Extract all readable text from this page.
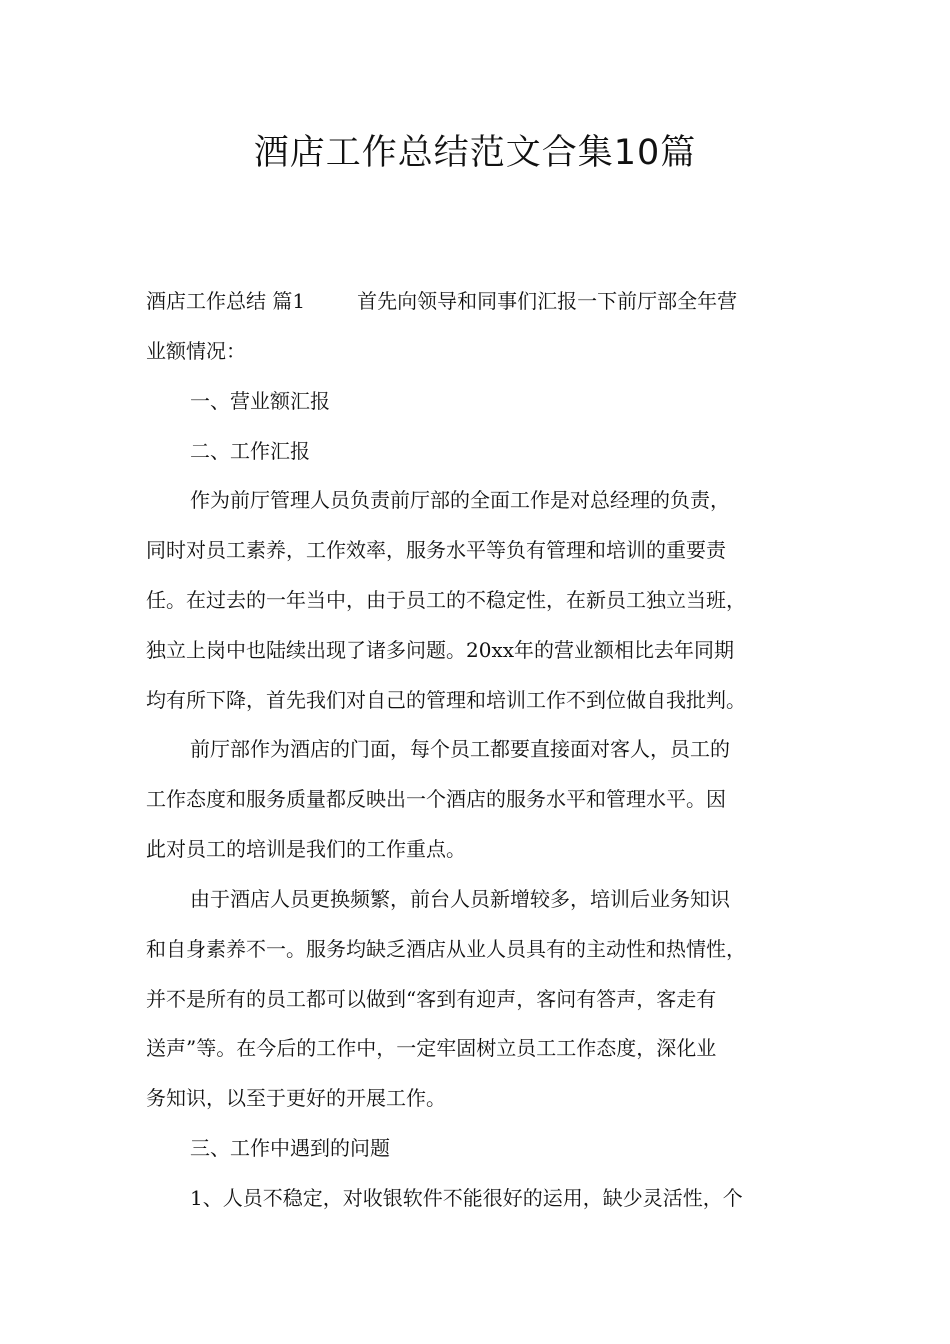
酒店工作总结范文合集10篇
酒店工作总结 篇1	首先向领导和同事们汇报一下前厅部全年营
业额情况：
一、营业额汇报
二、工作汇报
作为前厅管理人员负责前厅部的全面工作是对总经理的负责，
同时对员工素养，工作效率，服务水平等负有管理和培训的重要责
任。在过去的一年当中，由于员工的不稳定性，在新员工独立当班，
独立上岗中也陆续出现了诸多问题。20xx年的营业额相比去年同期
均有所下降，首先我们对自己的管理和培训工作不到位做自我批判。
前厅部作为酒店的门面，每个员工都要直接面对客人，员工的
工作态度和服务质量都反映出一个酒店的服务水平和管理水平。因
此对员工的培训是我们的工作重点。
由于酒店人员更换频繁，前台人员新增较多，培训后业务知识
和自身素养不一。服务均缺乏酒店从业人员具有的主动性和热情性，
并不是所有的员工都可以做到“客到有迎声，客问有答声，客走有
送声”等。在今后的工作中，一定牢固树立员工工作态度，深化业
务知识，以至于更好的开展工作。
三、工作中遇到的问题
1、人员不稳定，对收银软件不能很好的运用，缺少灵活性，个
